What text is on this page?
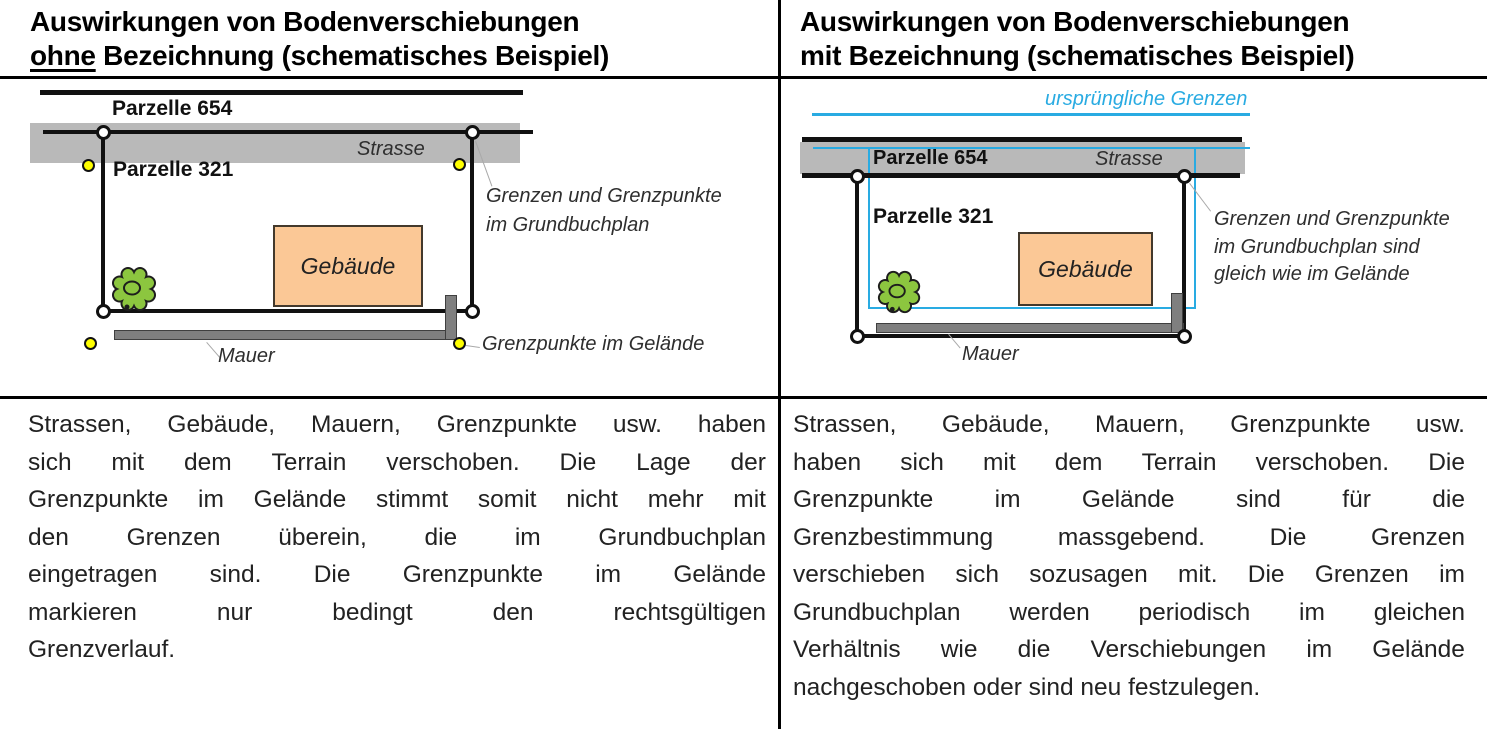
Auswirkungen von Bodenverschiebungen
ohne Bezeichnung (schematisches Beispiel)
Auswirkungen von Bodenverschiebungen
mit Bezeichnung (schematisches Beispiel)
Gebäude
Parzelle 654
Strasse
Parzelle 321
Mauer
Grenzen und Grenzpunkte
im Grundbuchplan
Grenzpunkte im Gelände
ursprüngliche Grenzen
Gebäude
Parzelle 654	Strasse
Parzelle 321
Mauer
Grenzen und Grenzpunkte
im Grundbuchplan sind
gleich wie im Gelände
Strassen, Gebäude, Mauern, Grenzpunkte usw. haben
sich mit dem Terrain verschoben. Die Lage der
Grenzpunkte im Gelände stimmt somit nicht mehr mit
den Grenzen überein, die im Grundbuchplan
eingetragen sind. Die Grenzpunkte im Gelände
markieren	nur	bedingt	den	rechtsgültigen
Grenzverlauf.
Strassen, Gebäude, Mauern, Grenzpunkte usw.
haben sich mit dem Terrain verschoben. Die
Grenzpunkte	im	Gelände	sind	für	die
Grenzbestimmung	massgebend.	Die	Grenzen
verschieben sich sozusagen mit. Die Grenzen im
Grundbuchplan werden periodisch im gleichen
Verhältnis wie die Verschiebungen im Gelände
nachgeschoben oder sind neu festzulegen.
